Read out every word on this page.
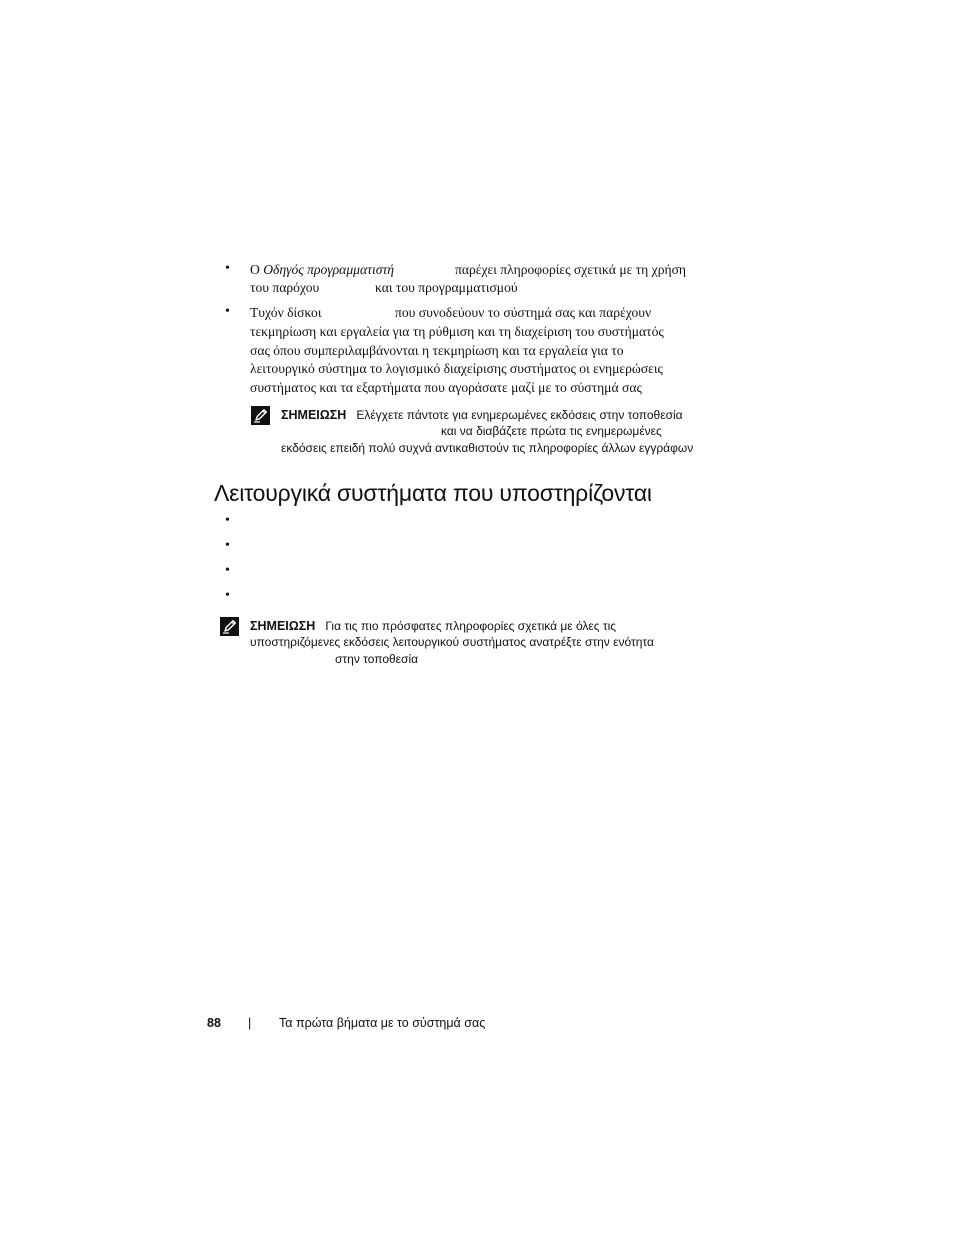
• Ο Οδηγός προγραμματιστή	παρέχει πληροφορίες σχετικά με τη χρήση
του παρόχου	και του προγραμματισμού
• Τυχόν δίσκοι	που συνοδεύουν το σύστημά σας και παρέχουν
τεκμηρίωση και εργαλεία για τη ρύθμιση και τη διαχείριση του συστήματός
σας όπου συμπεριλαμβάνονται η τεκμηρίωση και τα εργαλεία για το
λειτουργικό σύστημα το λογισμικό διαχείρισης συστήματος οι ενημερώσεις
συστήματος και τα εξαρτήματα που αγοράσατε μαζί με το σύστημά σας
ΣΗΜΕΙΩΣΗ Ελέγχετε πάντοτε για ενημερωμένες εκδόσεις στην τοποθεσία
και να διαβάζετε πρώτα τις ενημερωμένες
εκδόσεις επειδή πολύ συχνά αντικαθιστούν τις πληροφορίες άλλων εγγράφων
Λειτουργικά συστήματα που υποστηρίζονται
•
•
•
•
ΣΗΜΕΙΩΣΗ Για τις πιο πρόσφατες πληροφορίες σχετικά με όλες τις
υποστηριζόμενες εκδόσεις λειτουργικού συστήματος ανατρέξτε στην ενότητα
στην τοποθεσία
88 | Τα πρώτα βήματα με το σύστημά σας
